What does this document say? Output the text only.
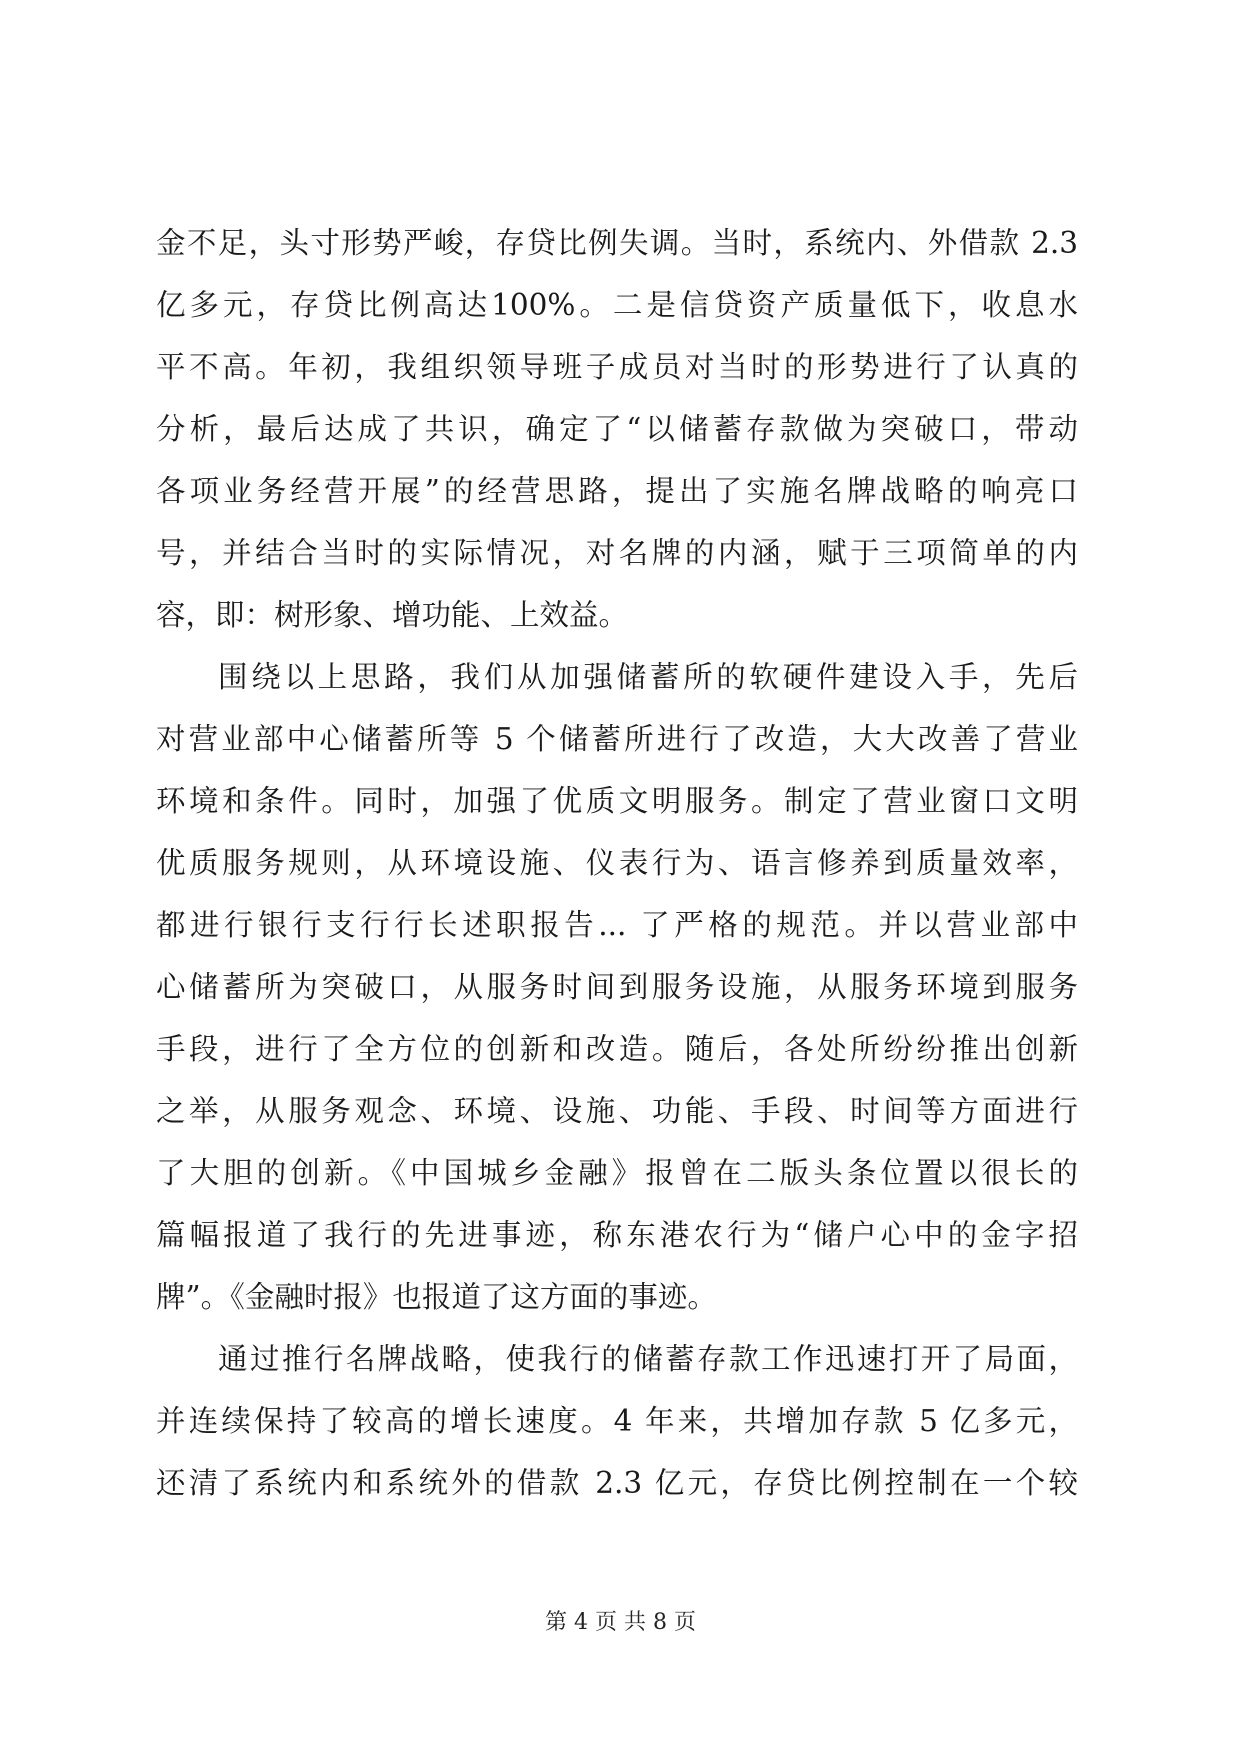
金不足，头寸形势严峻，存贷比例失调。当时，系统内、外借款 2.3
亿多元，存贷比例高达100%。二是信贷资产质量低下，收息水
平不高。年初，我组织领导班子成员对当时的形势进行了认真的
分析，最后达成了共识，确定了“以储蓄存款做为突破口，带动
各项业务经营开展”的经营思路，提出了实施名牌战略的响亮口
号，并结合当时的实际情况，对名牌的内涵，赋于三项简单的内
容，即：树形象、增功能、上效益。
围绕以上思路，我们从加强储蓄所的软硬件建设入手，先后
对营业部中心储蓄所等 5 个储蓄所进行了改造，大大改善了营业
环境和条件。同时，加强了优质文明服务。制定了营业窗口文明
优质服务规则，从环境设施、仪表行为、语言修养到质量效率，
都进行银行支行行长述职报告... 了严格的规范。并以营业部中
心储蓄所为突破口，从服务时间到服务设施，从服务环境到服务
手段，进行了全方位的创新和改造。随后，各处所纷纷推出创新
之举，从服务观念、环境、设施、功能、手段、时间等方面进行
了大胆的创新。《中国城乡金融》报曾在二版头条位置以很长的
篇幅报道了我行的先进事迹，称东港农行为“储户心中的金字招
牌”。《金融时报》也报道了这方面的事迹。
通过推行名牌战略，使我行的储蓄存款工作迅速打开了局面，
并连续保持了较高的增长速度。4 年来，共增加存款 5 亿多元，
还清了系统内和系统外的借款 2.3 亿元，存贷比例控制在一个较
第 4 页 共 8 页
